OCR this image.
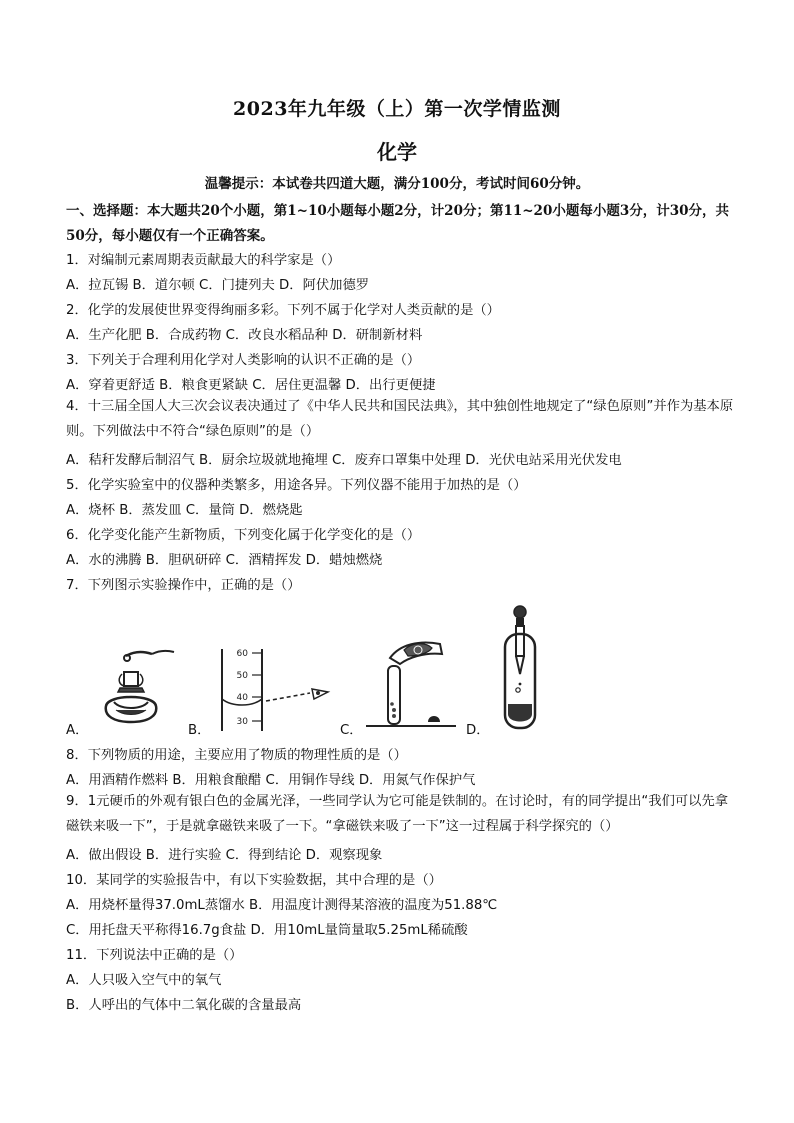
2023年九年级（上）第一次学情监测
化学
温馨提示：本试卷共四道大题，满分100分，考试时间60分钟。
一、选择题：本大题共20个小题，第1~10小题每小题2分，计20分；第11~20小题每小题3分，计30分，共50分，每小题仅有一个正确答案。
1．对编制元素周期表贡献最大的科学家是（）
A．拉瓦锡 B．道尔顿 C．门捷列夫 D．阿伏加德罗
2．化学的发展使世界变得绚丽多彩。下列不属于化学对人类贡献的是（）
A．生产化肥 B．合成药物 C．改良水稻品种 D．研制新材料
3．下列关于合理利用化学对人类影响的认识不正确的是（）
A．穿着更舒适 B．粮食更紧缺 C．居住更温馨 D．出行更便捷
4．十三届全国人大三次会议表决通过了《中华人民共和国民法典》，其中独创性地规定了“绿色原则”并作为基本原则。下列做法中不符合“绿色原则”的是（）
A．秸秆发酵后制沼气 B．厨余垃圾就地掩埋 C．废弃口罩集中处理 D．光伏电站采用光伏发电
5．化学实验室中的仪器种类繁多，用途各异。下列仪器不能用于加热的是（）
A．烧杯 B．蒸发皿 C．量筒 D．燃烧匙
6．化学变化能产生新物质，下列变化属于化学变化的是（）
A．水的沸腾 B．胆矾研碎 C．酒精挥发 D．蜡烛燃烧
7．下列图示实验操作中，正确的是（）
A．	B．	C．	D．
60
50
40
30
8．下列物质的用途，主要应用了物质的物理性质的是（）
A．用酒精作燃料 B．用粮食酿醋 C．用铜作导线 D．用氮气作保护气
9．1元硬币的外观有银白色的金属光泽，一些同学认为它可能是铁制的。在讨论时，有的同学提出“我们可以先拿磁铁来吸一下”，于是就拿磁铁来吸了一下。“拿磁铁来吸了一下”这一过程属于科学探究的（）
A．做出假设 B．进行实验 C．得到结论 D．观察现象
10．某同学的实验报告中，有以下实验数据，其中合理的是（）
A．用烧杯量得37.0mL蒸馏水 B．用温度计测得某溶液的温度为51.88℃
C．用托盘天平称得16.7g食盐 D．用10mL量筒量取5.25mL稀硫酸
11．下列说法中正确的是（）
A．人只吸入空气中的氧气
B．人呼出的气体中二氧化碳的含量最高
